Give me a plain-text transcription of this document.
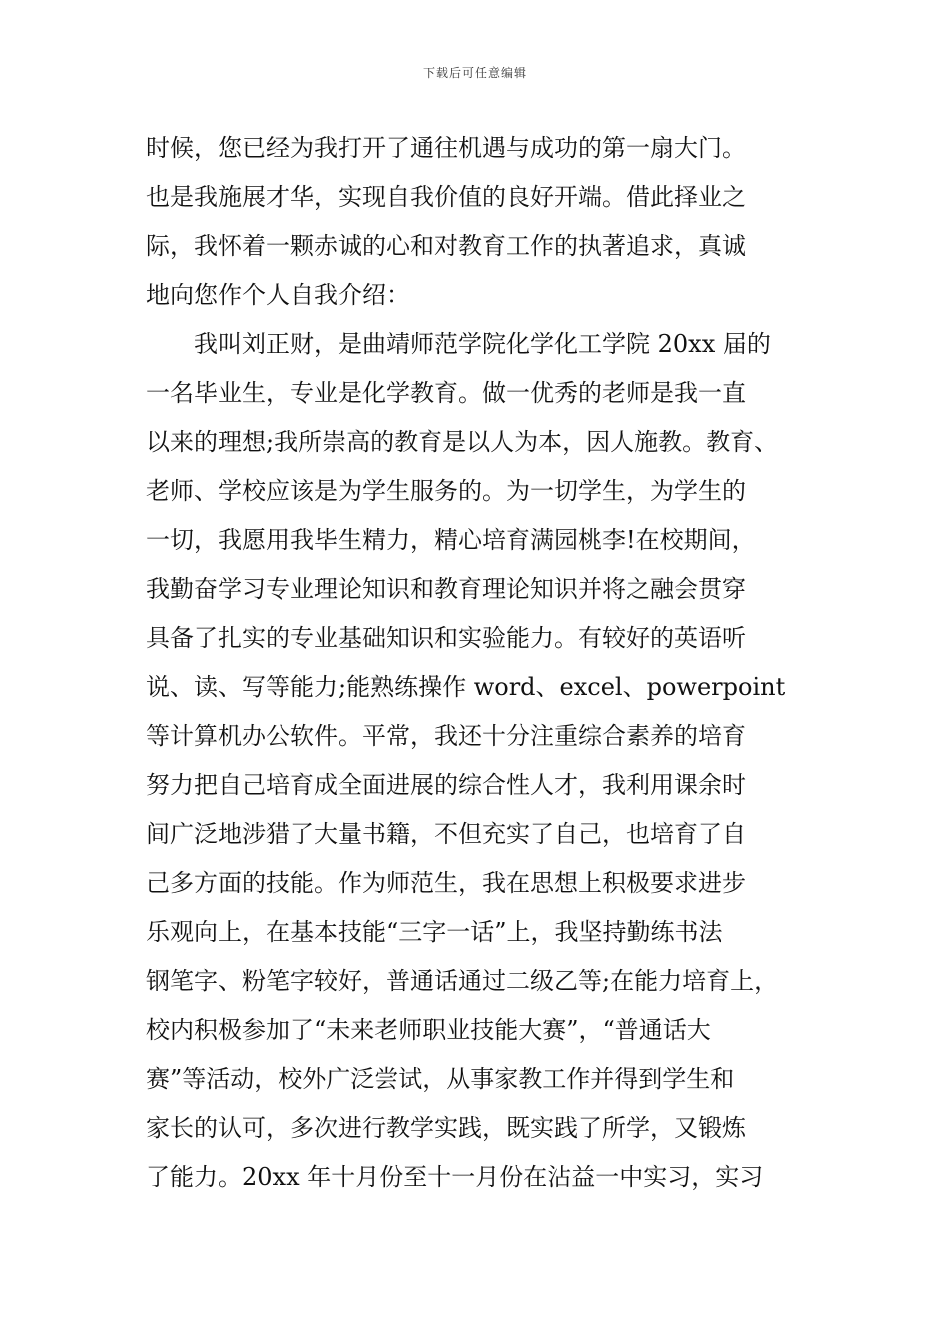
下载后可任意编辑
时候，您已经为我打开了通往机遇与成功的第一扇大门。
也是我施展才华，实现自我价值的良好开端。借此择业之
际，我怀着一颗赤诚的心和对教育工作的执著追求，真诚
地向您作个人自我介绍：
　　我叫刘正财，是曲靖师范学院化学化工学院 20xx 届的
一名毕业生，专业是化学教育。做一优秀的老师是我一直
以来的理想;我所崇高的教育是以人为本，因人施教。教育、
老师、学校应该是为学生服务的。为一切学生，为学生的
一切，我愿用我毕生精力，精心培育满园桃李!在校期间，
我勤奋学习专业理论知识和教育理论知识并将之融会贯穿
具备了扎实的专业基础知识和实验能力。有较好的英语听
说、读、写等能力;能熟练操作 word、excel、powerpoint
等计算机办公软件。平常，我还十分注重综合素养的培育
努力把自己培育成全面进展的综合性人才，我利用课余时
间广泛地涉猎了大量书籍，不但充实了自己，也培育了自
己多方面的技能。作为师范生，我在思想上积极要求进步
乐观向上，在基本技能“三字一话”上，我坚持勤练书法
钢笔字、粉笔字较好，普通话通过二级乙等;在能力培育上，
校内积极参加了“未来老师职业技能大赛”，“普通话大
赛”等活动，校外广泛尝试，从事家教工作并得到学生和
家长的认可，多次进行教学实践，既实践了所学，又锻炼
了能力。20xx 年十月份至十一月份在沾益一中实习，实习
